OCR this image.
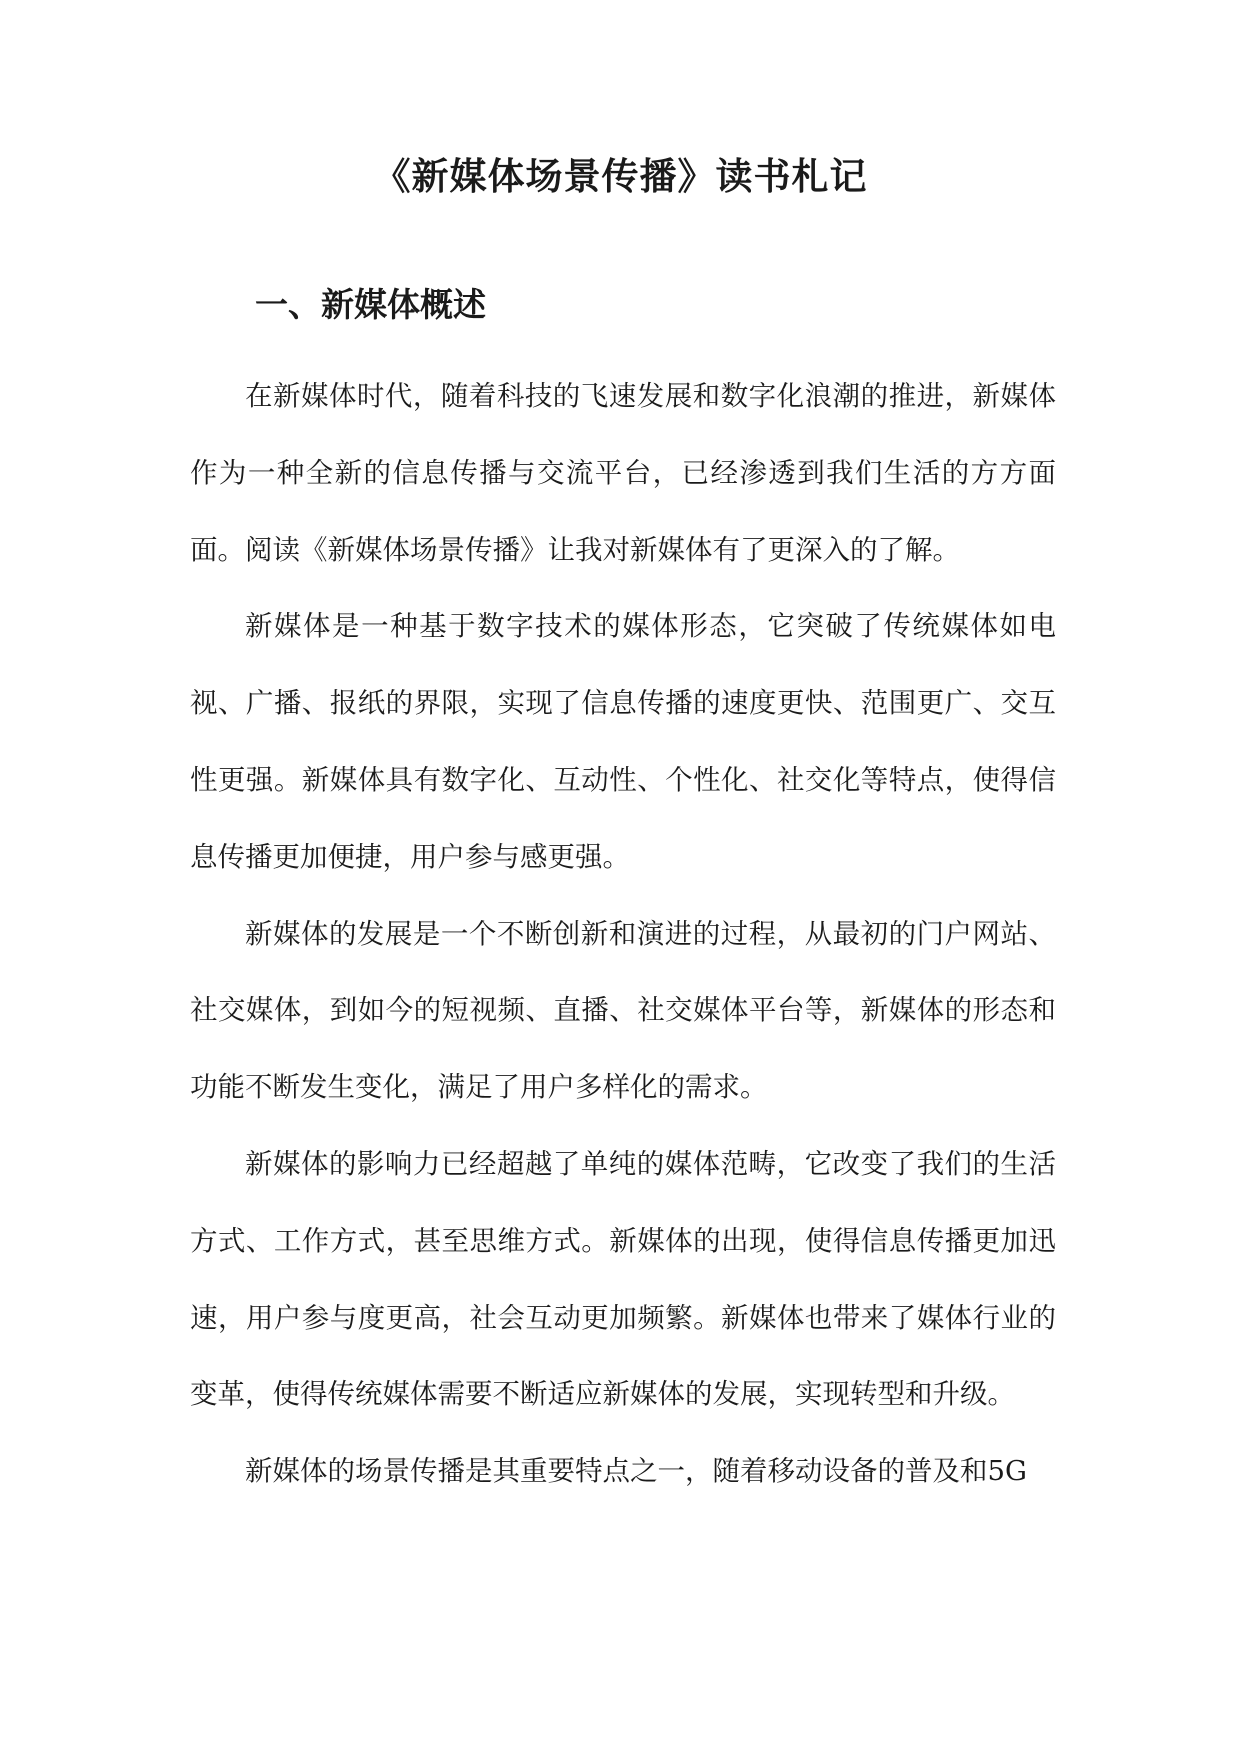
《新媒体场景传播》读书札记
一、新媒体概述

在新媒体时代，随着科技的飞速发展和数字化浪潮的推进，新媒体作为一种全新的信息传播与交流平台，已经渗透到我们生活的方方面面。阅读《新媒体场景传播》让我对新媒体有了更深入的了解。

新媒体是一种基于数字技术的媒体形态，它突破了传统媒体如电视、广播、报纸的界限，实现了信息传播的速度更快、范围更广、交互性更强。新媒体具有数字化、互动性、个性化、社交化等特点，使得信息传播更加便捷，用户参与感更强。

新媒体的发展是一个不断创新和演进的过程，从最初的门户网站、社交媒体，到如今的短视频、直播、社交媒体平台等，新媒体的形态和功能不断发生变化，满足了用户多样化的需求。

新媒体的影响力已经超越了单纯的媒体范畴，它改变了我们的生活方式、工作方式，甚至思维方式。新媒体的出现，使得信息传播更加迅速，用户参与度更高，社会互动更加频繁。新媒体也带来了媒体行业的变革，使得传统媒体需要不断适应新媒体的发展，实现转型和升级。

新媒体的场景传播是其重要特点之一，随着移动设备的普及和5G
